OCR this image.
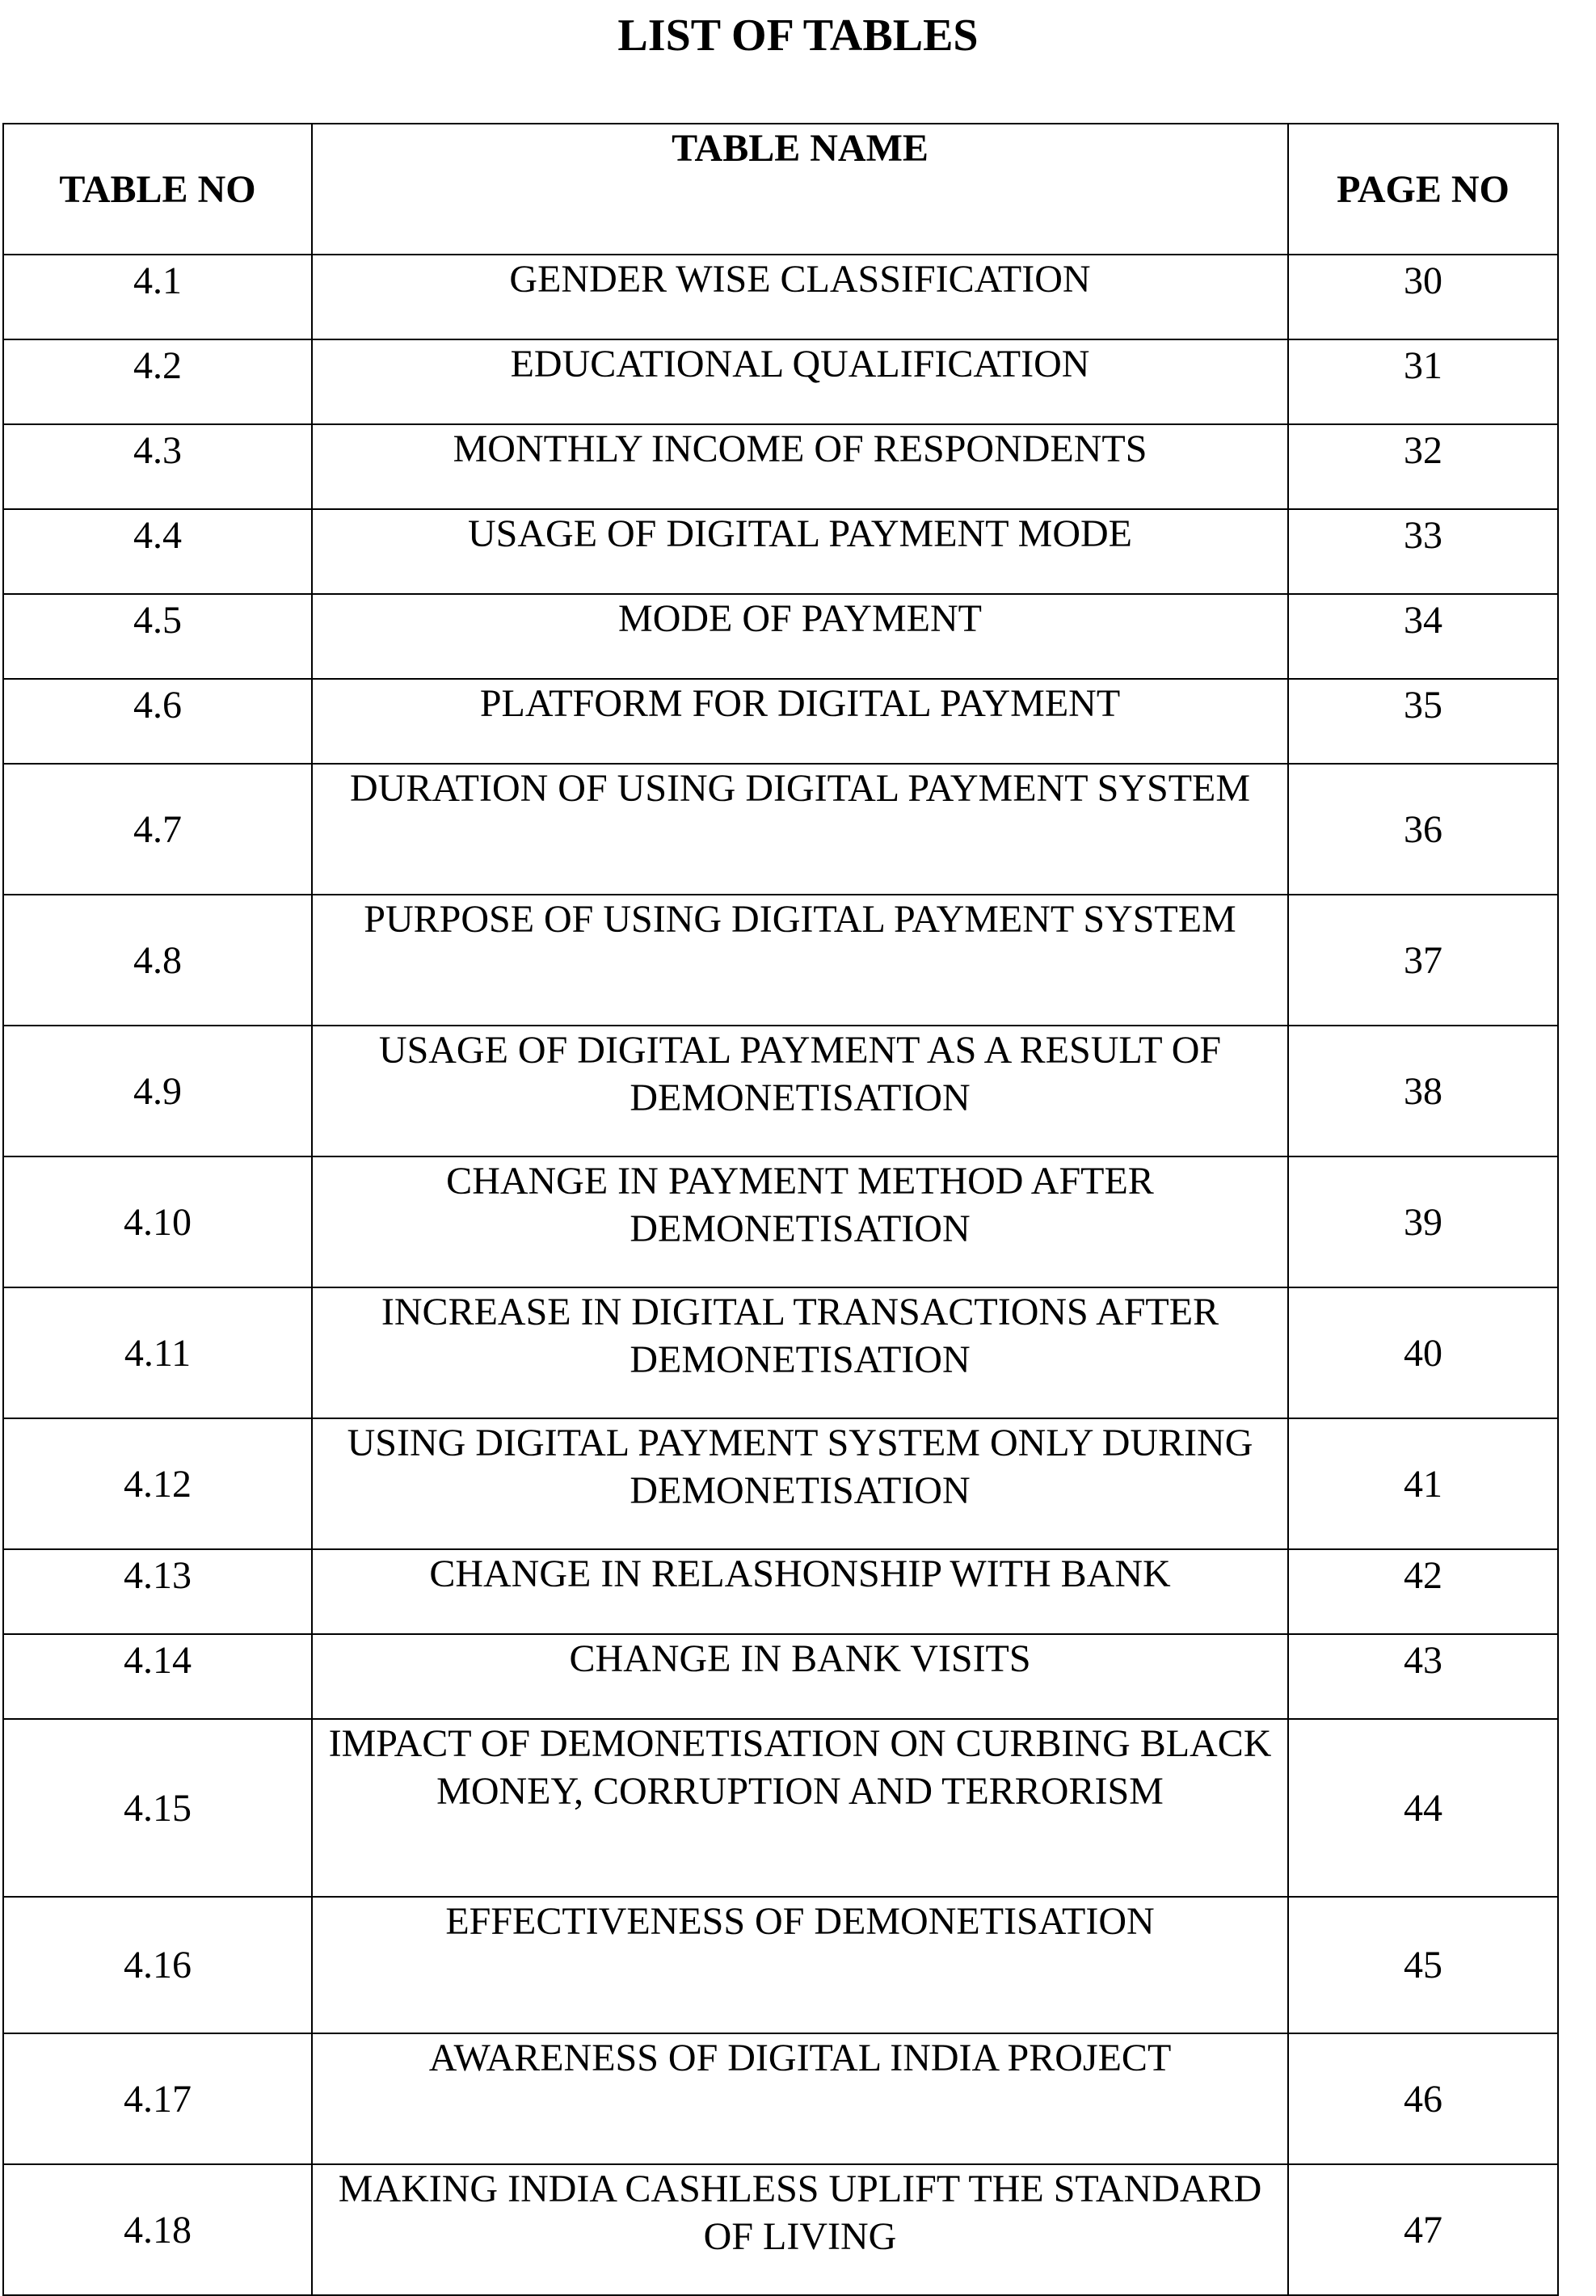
LIST OF TABLES
TABLE NO	TABLE NAME	PAGE NO
4.1	GENDER WISE CLASSIFICATION	30
4.2	EDUCATIONAL QUALIFICATION	31
4.3	MONTHLY INCOME OF RESPONDENTS	32
4.4	USAGE OF DIGITAL PAYMENT MODE	33
4.5	MODE OF PAYMENT	34
4.6	PLATFORM FOR DIGITAL PAYMENT	35
4.7	DURATION OF USING DIGITAL PAYMENT SYSTEM	36
4.8	PURPOSE OF USING DIGITAL PAYMENT SYSTEM	37
4.9	USAGE OF DIGITAL PAYMENT AS A RESULT OF DEMONETISATION	38
4.10	CHANGE IN PAYMENT METHOD AFTER DEMONETISATION	39
4.11	INCREASE IN DIGITAL TRANSACTIONS AFTER DEMONETISATION	40
4.12	USING DIGITAL PAYMENT SYSTEM ONLY DURING DEMONETISATION	41
4.13	CHANGE IN RELASHONSHIP WITH BANK	42
4.14	CHANGE IN BANK VISITS	43
4.15	IMPACT OF DEMONETISATION ON CURBING BLACK MONEY, CORRUPTION AND TERRORISM	44
4.16	EFFECTIVENESS OF DEMONETISATION	45
4.17	AWARENESS OF DIGITAL INDIA PROJECT	46
4.18	MAKING INDIA CASHLESS UPLIFT THE STANDARD OF LIVING	47
